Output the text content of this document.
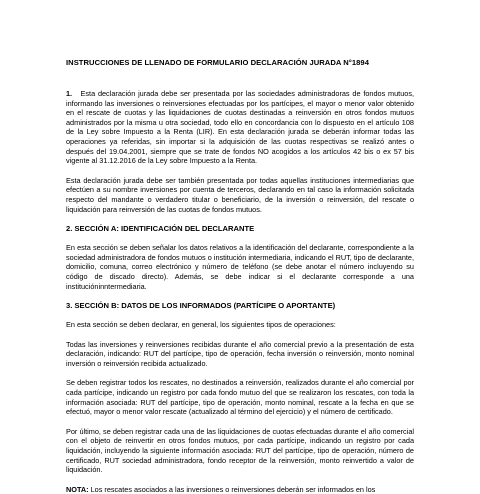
INSTRUCCIONES DE LLENADO DE FORMULARIO DECLARACIÓN JURADA N°1894
1. Esta declaración jurada debe ser presentada por las sociedades administradoras de fondos mutuos, informando las inversiones o reinversiones efectuadas por los partícipes, el mayor o menor valor obtenido en el rescate de cuotas y las liquidaciones de cuotas destinadas a reinversión en otros fondos mutuos administrados por la misma u otra sociedad, todo ello en concordancia con lo dispuesto en el artículo 108 de la Ley sobre Impuesto a la Renta (LIR). En esta declaración jurada se deberán informar todas las operaciones ya referidas, sin importar si la adquisición de las cuotas respectivas se realizó antes o después del 19.04.2001, siempre que se trate de fondos NO acogidos a los artículos 42 bis o ex 57 bis vigente al 31.12.2016 de la Ley sobre Impuesto a la Renta.
Esta declaración jurada debe ser también presentada por todas aquellas instituciones intermediarias que efectúen a su nombre inversiones por cuenta de terceros, declarando en tal caso la información solicitada respecto del mandante o verdadero titular o beneficiario, de la inversión o reinversión, del rescate o liquidación para reinversión de las cuotas de fondos mutuos.
2. SECCIÓN A: IDENTIFICACIÓN DEL DECLARANTE
En esta sección se deben señalar los datos relativos a la identificación del declarante, correspondiente a la sociedad administradora de fondos mutuos o institución intermediaria, indicando el RUT, tipo de declarante, domicilio, comuna, correo electrónico y número de teléfono (se debe anotar el número incluyendo su código de discado directo). Además, se debe indicar si el declarante corresponde a una institucióninntermediaria.
3. SECCIÓN B: DATOS DE LOS INFORMADOS (PARTÍCIPE O APORTANTE)
En esta sección se deben declarar, en general, los siguientes tipos de operaciones:
Todas las inversiones y reinversiones recibidas durante el año comercial previo a la presentación de esta declaración, indicando: RUT del partícipe, tipo de operación, fecha inversión o reinversión, monto nominal inversión o reinversión recibida actualizado.
Se deben registrar todos los rescates, no destinados a reinversión, realizados durante el año comercial por cada partícipe, indicando un registro por cada fondo mutuo del que se realizaron los rescates, con toda la información asociada: RUT del partícipe, tipo de operación, monto nominal, rescate a la fecha en que se efectuó, mayor o menor valor rescate (actualizado al término del ejercicio) y el número de certificado.
Por último, se deben registrar cada una de las liquidaciones de cuotas efectuadas durante el año comercial con el objeto de reinvertir en otros fondos mutuos, por cada partícipe, indicando un registro por cada liquidación, incluyendo la siguiente información asociada: RUT del partícipe, tipo de operación, número de certificado, RUT sociedad administradora, fondo receptor de la reinversión, monto reinvertido a valor de liquidación.
NOTA: Los rescates asociados a las inversiones o reinversiones deberán ser informados en los
